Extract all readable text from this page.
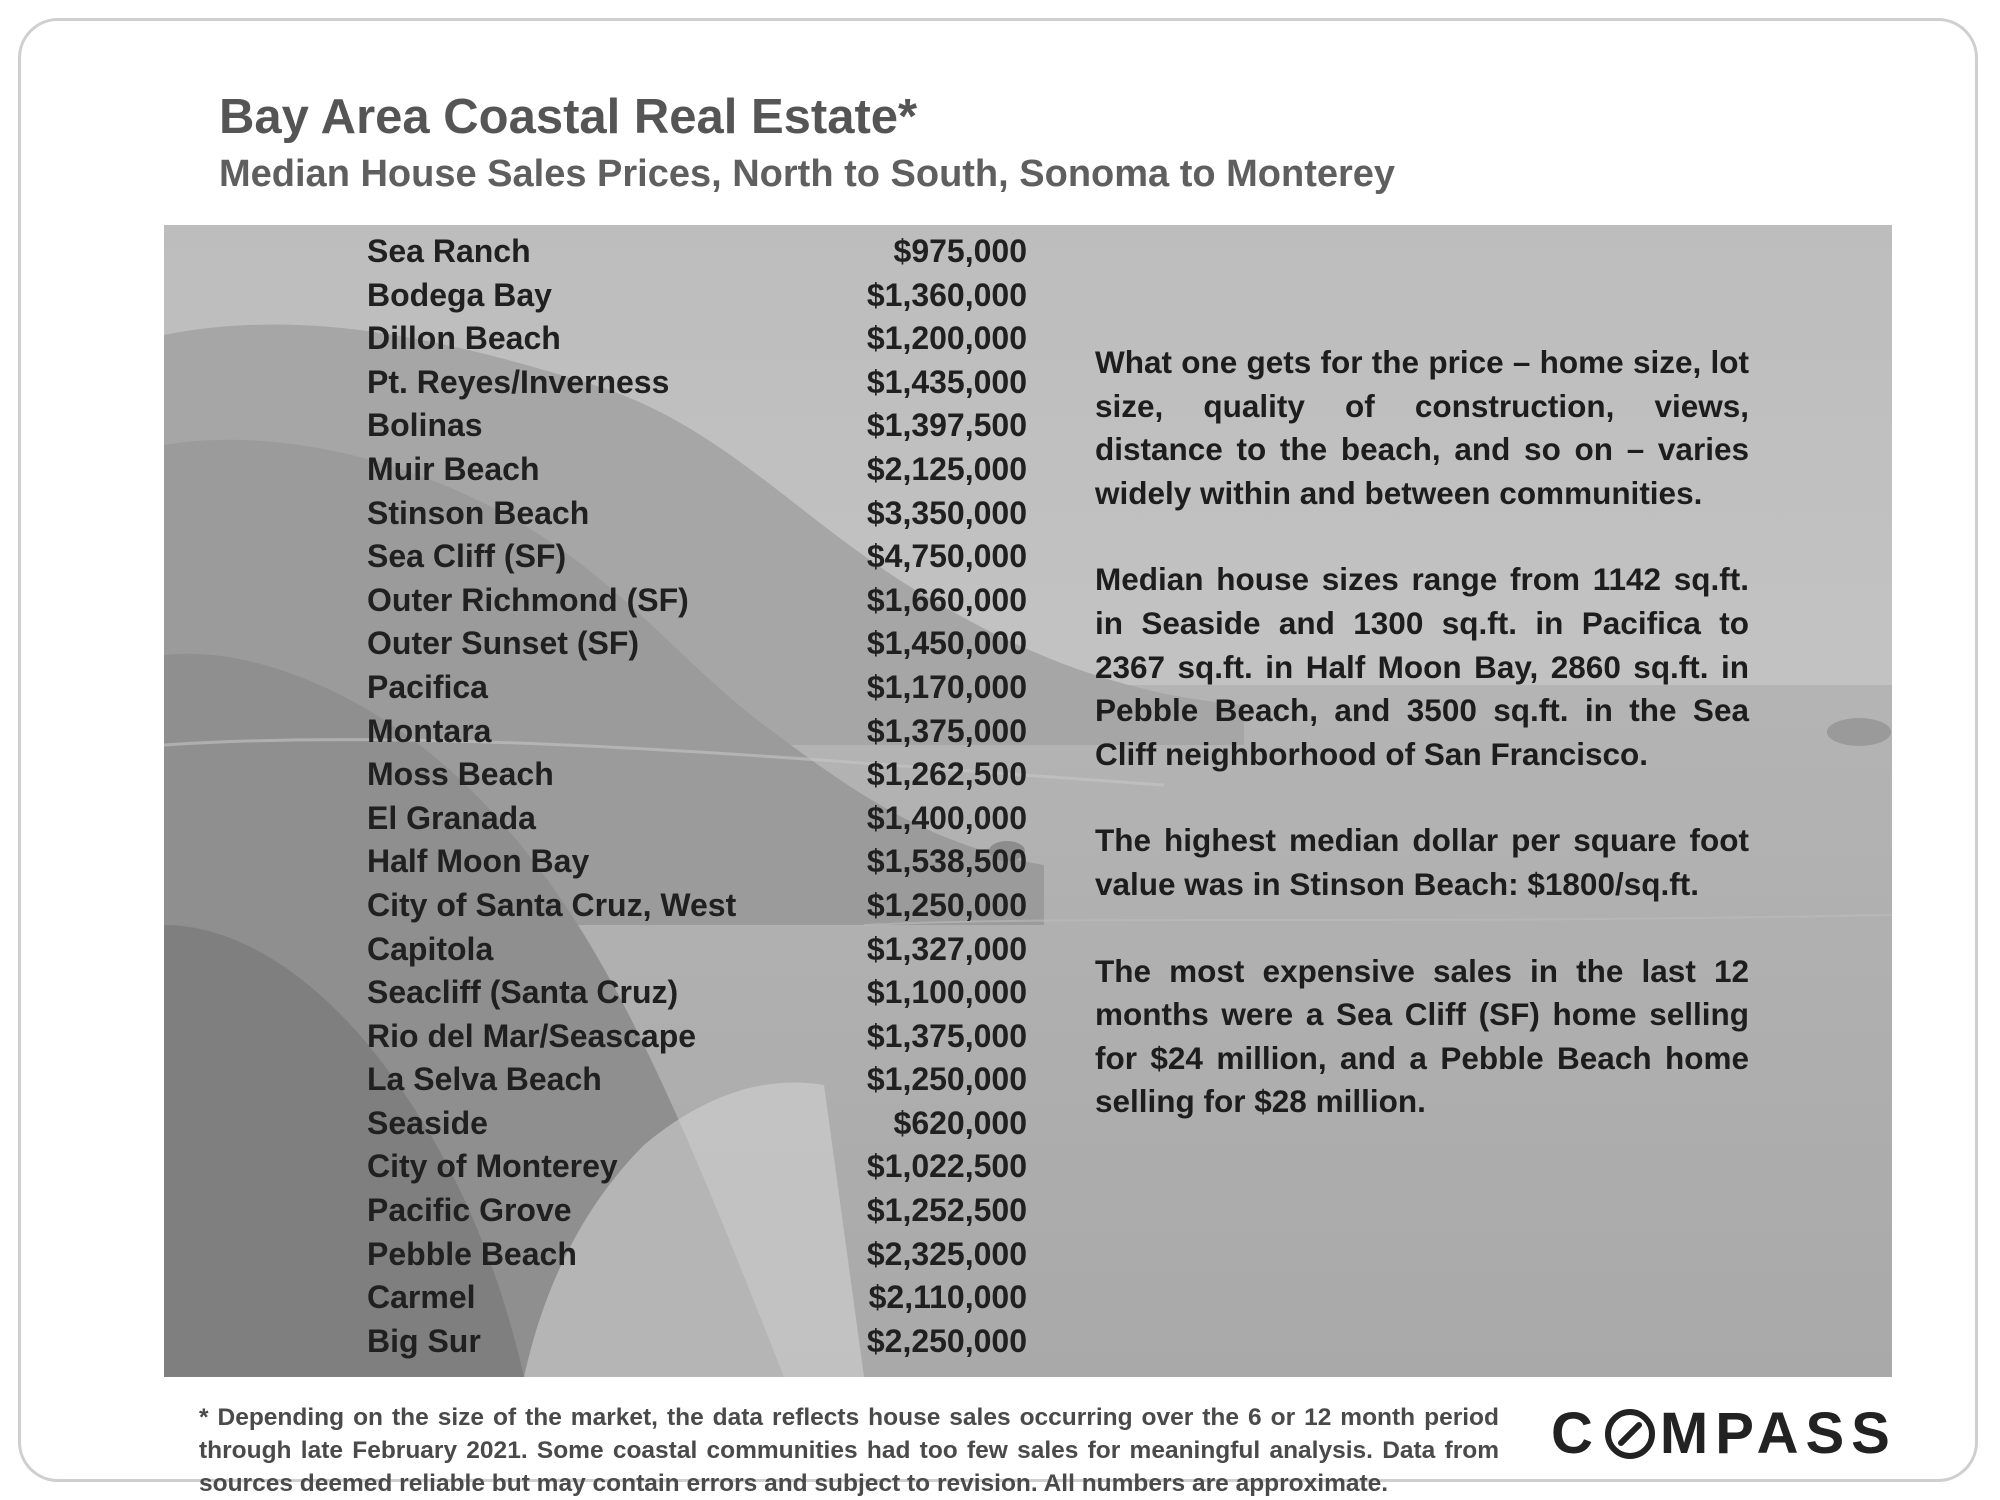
Bay Area Coastal Real Estate*
Median House Sales Prices, North to South, Sonoma to Monterey
Sea Ranch	$975,000
Bodega Bay	$1,360,000
Dillon Beach	$1,200,000
Pt. Reyes/Inverness	$1,435,000
Bolinas	$1,397,500
Muir Beach	$2,125,000
Stinson Beach	$3,350,000
Sea Cliff (SF)	$4,750,000
Outer Richmond (SF)	$1,660,000
Outer Sunset (SF)	$1,450,000
Pacifica	$1,170,000
Montara	$1,375,000
Moss Beach	$1,262,500
El Granada	$1,400,000
Half Moon Bay	$1,538,500
City of Santa Cruz, West	$1,250,000
Capitola	$1,327,000
Seacliff (Santa Cruz)	$1,100,000
Rio del Mar/Seascape	$1,375,000
La Selva Beach	$1,250,000
Seaside	$620,000
City of Monterey	$1,022,500
Pacific Grove	$1,252,500
Pebble Beach	$2,325,000
Carmel	$2,110,000
Big Sur	$2,250,000

What one gets for the price – home size, lot size, quality of construction, views, distance to the beach, and so on – varies widely within and between communities.

Median house sizes range from 1142 sq.ft. in Seaside and 1300 sq.ft. in Pacifica to 2367 sq.ft. in Half Moon Bay, 2860 sq.ft. in Pebble Beach, and 3500 sq.ft. in the Sea Cliff neighborhood of San Francisco.

The highest median dollar per square foot value was in Stinson Beach: $1800/sq.ft.

The most expensive sales in the last 12 months were a Sea Cliff (SF) home selling for $24 million, and a Pebble Beach home selling for $28 million.

* Depending on the size of the market, the data reflects house sales occurring over the 6 or 12 month period through late February 2021. Some coastal communities had too few sales for meaningful analysis. Data from sources deemed reliable but may contain errors and subject to revision. All numbers are approximate.

C MPASS
